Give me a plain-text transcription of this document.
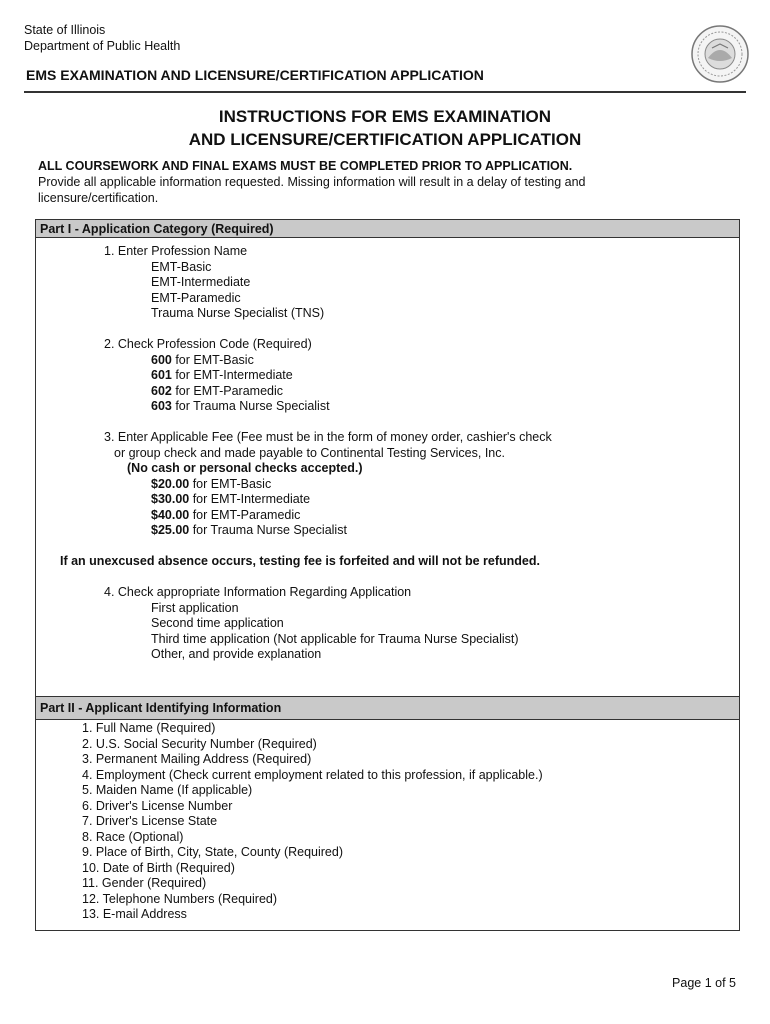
State of Illinois
Department of Public Health
EMS EXAMINATION AND LICENSURE/CERTIFICATION APPLICATION
INSTRUCTIONS FOR EMS EXAMINATION
AND LICENSURE/CERTIFICATION APPLICATION
ALL COURSEWORK AND FINAL EXAMS MUST BE COMPLETED PRIOR TO APPLICATION.
Provide all applicable information requested. Missing information will result in a delay of testing and
licensure/certification.
Part I - Application Category (Required)
1. Enter Profession Name
EMT-Basic
EMT-Intermediate
EMT-Paramedic
Trauma Nurse Specialist (TNS)
2. Check Profession Code (Required)
600 for EMT-Basic
601 for EMT-Intermediate
602 for EMT-Paramedic
603 for Trauma Nurse Specialist
3. Enter Applicable Fee (Fee must be in the form of money order, cashier's check
or group check and made payable to Continental Testing Services, Inc.
(No cash or personal checks accepted.)
$20.00 for EMT-Basic
$30.00 for EMT-Intermediate
$40.00 for EMT-Paramedic
$25.00 for Trauma Nurse Specialist
If an unexcused absence occurs, testing fee is forfeited and will not be refunded.
4. Check appropriate Information Regarding Application
First application
Second time application
Third time application (Not applicable for Trauma Nurse Specialist)
Other, and provide explanation
Part II - Applicant Identifying Information
1. Full Name (Required)
2. U.S. Social Security Number (Required)
3. Permanent Mailing Address (Required)
4. Employment (Check current employment related to this profession, if applicable.)
5. Maiden Name (If applicable)
6. Driver's License Number
7. Driver's License State
8. Race (Optional)
9. Place of Birth, City, State, County (Required)
10. Date of Birth (Required)
11. Gender (Required)
12. Telephone Numbers (Required)
13. E-mail Address
Page 1 of 5
